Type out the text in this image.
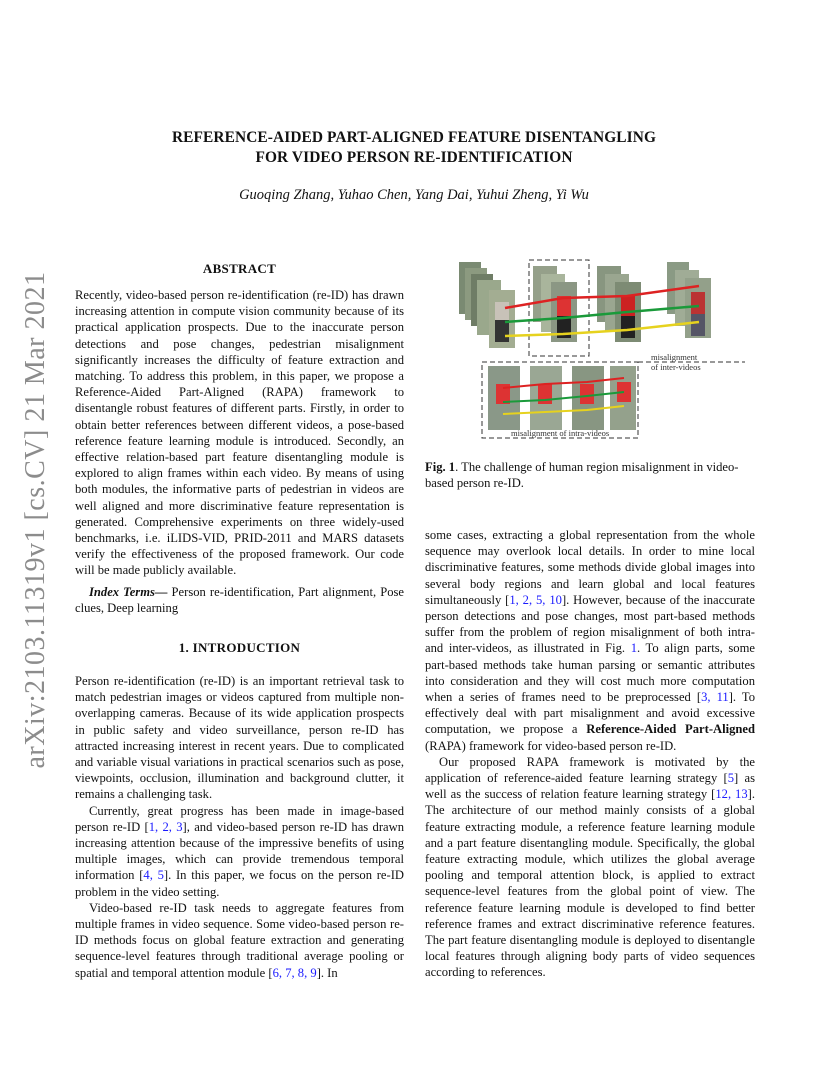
arXiv:2103.11319v1 [cs.CV] 21 Mar 2021
REFERENCE-AIDED PART-ALIGNED FEATURE DISENTANGLING
FOR VIDEO PERSON RE-IDENTIFICATION
Guoqing Zhang, Yuhao Chen, Yang Dai, Yuhui Zheng, Yi Wu
ABSTRACT

Recently, video-based person re-identification (re-ID) has drawn increasing attention in compute vision community because of its practical application prospects. Due to the inaccurate person detections and pose changes, pedestrian misalignment significantly increases the difficulty of feature extraction and matching. To address this problem, in this paper, we propose a Reference-Aided Part-Aligned (RAPA) framework to disentangle robust features of different parts. Firstly, in order to obtain better references between different videos, a pose-based reference feature learning module is introduced. Secondly, an effective relation-based part feature disentangling module is explored to align frames within each video. By means of using both modules, the informative parts of pedestrian in videos are well aligned and more discriminative feature representation is generated. Comprehensive experiments on three widely-used benchmarks, i.e. iLIDS-VID, PRID-2011 and MARS datasets verify the effectiveness of the proposed framework. Our code will be made publicly available.

Index Terms— Person re-identification, Part alignment, Pose clues, Deep learning

1. INTRODUCTION

Person re-identification (re-ID) is an important retrieval task to match pedestrian images or videos captured from multiple non-overlapping cameras. Because of its wide application prospects in public safety and video surveillance, person re-ID has attracted increasing interest in recent years. Due to complicated and variable visual variations in practical scenarios such as pose, viewpoints, occlusion, illumination and background clutter, it remains a challenging task.

Currently, great progress has been made in image-based person re-ID [1, 2, 3], and video-based person re-ID has drawn increasing attention because of the impressive benefits of using multiple images, which can provide tremendous temporal information [4, 5]. In this paper, we focus on the person re-ID problem in the video setting.

Video-based re-ID task needs to aggregate features from multiple frames in video sequence. Some video-based person re-ID methods focus on global feature extraction and generating sequence-level features through traditional average pooling or spatial and temporal attention module [6, 7, 8, 9]. In

misalignment of inter-videos
misalignment of intra-videos
Fig. 1. The challenge of human region misalignment in video-based person re-ID.

some cases, extracting a global representation from the whole sequence may overlook local details. In order to mine local discriminative features, some methods divide global images into several body regions and learn global and local features simultaneously [1, 2, 5, 10]. However, because of the inaccurate person detections and pose changes, most part-based methods suffer from the problem of region misalignment of both intra- and inter-videos, as illustrated in Fig. 1. To align parts, some part-based methods take human parsing or semantic attributes into consideration and they will cost much more computation when a series of frames need to be preprocessed [3, 11]. To effectively deal with part misalignment and avoid excessive computation, we propose a Reference-Aided Part-Aligned (RAPA) framework for video-based person re-ID.

Our proposed RAPA framework is motivated by the application of reference-aided feature learning strategy [5] as well as the success of relation feature learning strategy [12, 13]. The architecture of our method mainly consists of a global feature extracting module, a reference feature learning module and a part feature disentangling module. Specifically, the global feature extracting module, which utilizes the global average pooling and temporal attention block, is applied to extract sequence-level features from the global point of view. The reference feature learning module is developed to find better reference frames and extract discriminative reference features. The part feature disentangling module is deployed to disentangle local features through aligning body parts of video sequences according to references.
